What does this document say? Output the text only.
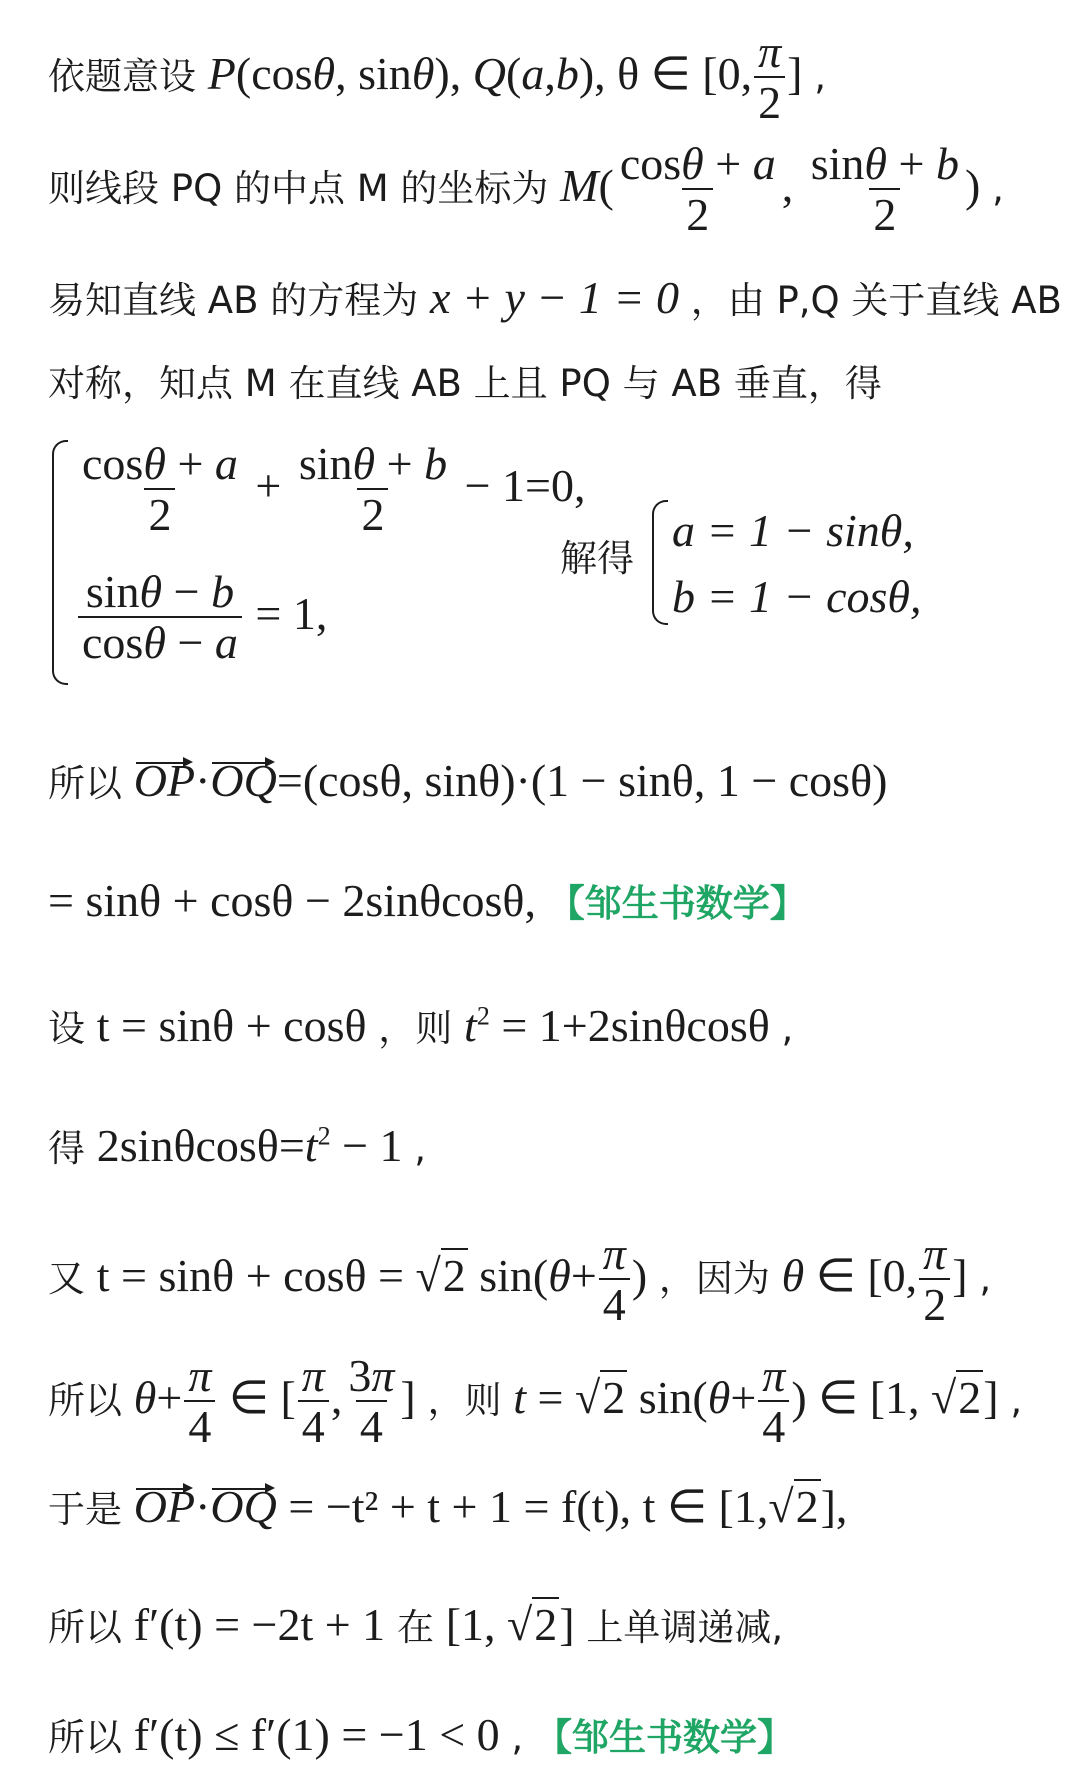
依题意设 P(cosθ, sinθ), Q(a,b), θ ∈ [0, $\frac{\pi}{2}$ ] ,
则线段 PQ 的中点 M 的坐标为 $M( \frac{\cos\theta + a}{2}$ , $\frac{\sin\theta + b}{2}$ ) ,
易知直线 AB 的方程为 x + y − 1 = 0 ，由 P,Q 关于直线 AB
对称，知点 M 在直线 AB 上且 PQ 与 AB 垂直，得
$\frac{\cos\theta + a}{2} + \frac{\sin\theta + b}{2} - 1=0$,
$\frac{\sin\theta - b}{\cos\theta - a} = 1$,
解得
a = 1 − sinθ,
b = 1 − cosθ,
所以 OP·OQ=(cosθ, sinθ)·(1 − sinθ, 1 − cosθ)
= sinθ + cosθ − 2sinθcosθ, 【邹生书数学】
设 t = sinθ + cosθ ，则 $t^2 = 1+2\sin\theta\cos\theta$ ,
得 $2\sin\theta\cos\theta=t^2 - 1$ ,
又 t = sinθ + cosθ = √2 $\sin(\theta+ \frac{\pi}{4}$ ) ，因为 θ ∈ [0, $\frac{\pi}{2}$ ] ,
所以 $\theta+ \frac{\pi}{4}$ ∈ [ $\frac{\pi}{4}$ , $\frac{3\pi}{4}$ ] ，则 t = √2 $\sin(\theta+ \frac{\pi}{4}$ ) ∈ [1, √2] ,
于是 OP·OQ = −t² + t + 1 = f(t), t ∈ [1,√2],
所以 f′(t) = −2t + 1 在 [1, √2] 上单调递减,
所以 f′(t) ≤ f′(1) = −1 < 0 , 【邹生书数学】
